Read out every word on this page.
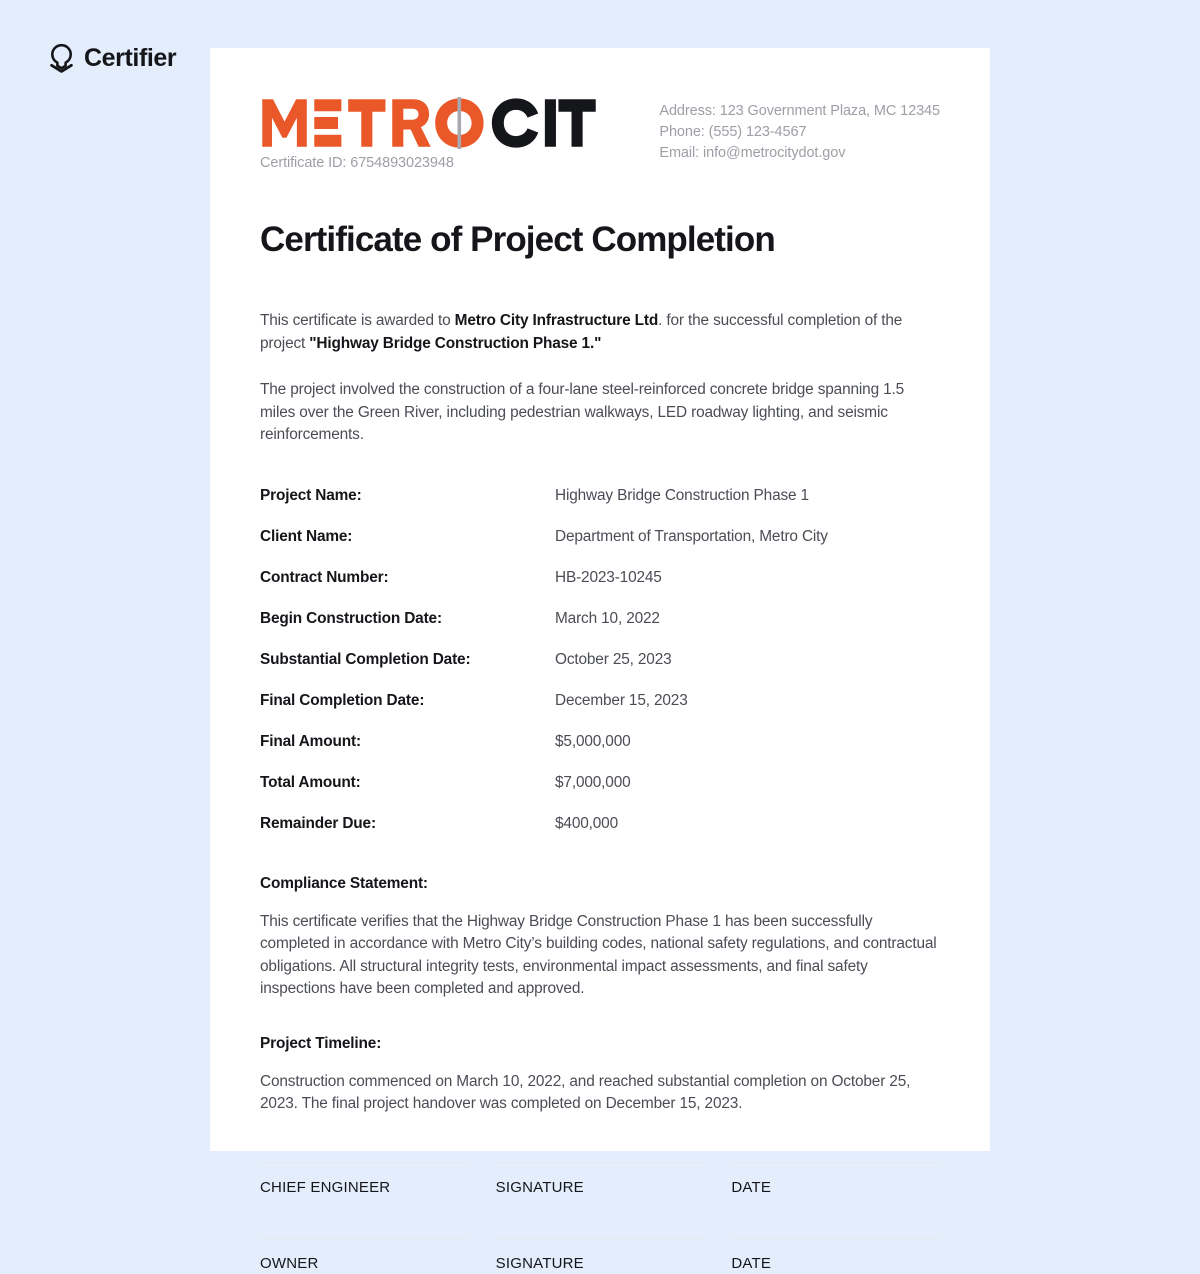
Certifier
Certificate ID: 6754893023948
Address: 123 Government Plaza, MC 12345
Phone: (555) 123-4567
Email: info@metrocitydot.gov
Certificate of Project Completion

This certificate is awarded to Metro City Infrastructure Ltd. for the successful completion of the project "Highway Bridge Construction Phase 1."

The project involved the construction of a four-lane steel-reinforced concrete bridge spanning 1.5 miles over the Green River, including pedestrian walkways, LED roadway lighting, and seismic reinforcements.

Project Name:	Highway Bridge Construction Phase 1
Client Name:	Department of Transportation, Metro City
Contract Number:	HB-2023-10245
Begin Construction Date:	March 10, 2022
Substantial Completion Date:	October 25, 2023
Final Completion Date:	December 15, 2023
Final Amount:	$5,000,000
Total Amount:	$7,000,000
Remainder Due:	$400,000
Compliance Statement:

This certificate verifies that the Highway Bridge Construction Phase 1 has been successfully completed in accordance with Metro City’s building codes, national safety regulations, and contractual obligations. All structural integrity tests, environmental impact assessments, and final safety inspections have been completed and approved.

Project Timeline:

Construction commenced on March 10, 2022, and reached substantial completion on October 25, 2023. The final project handover was completed on December 15, 2023.

CHIEF ENGINEER	SIGNATURE	DATE
OWNER	SIGNATURE	DATE
